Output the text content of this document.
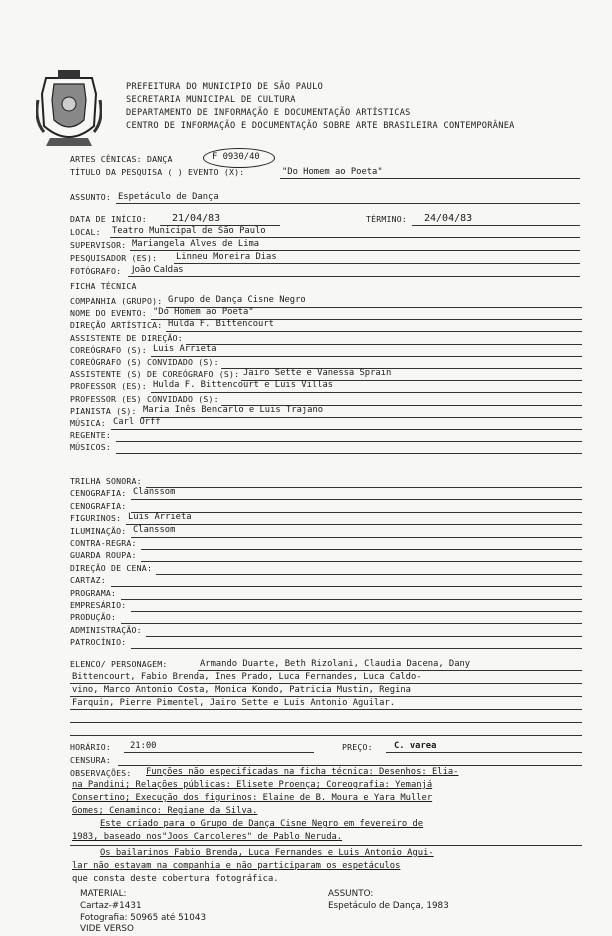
PREFEITURA DO MUNICIPIO DE SÃO PAULO
SECRETARIA MUNICIPAL DE CULTURA
DEPARTAMENTO DE INFORMAÇÃO E DOCUMENTAÇÃO ARTÍSTICAS
CENTRO DE INFORMAÇÃO E DOCUMENTAÇÃO SOBRE ARTE BRASILEIRA CONTEMPORÂNEA
ARTES CÊNICAS: DANÇA	F 0930/40
TÍTULO DA PESQUISA ( ) EVENTO (X):	"Do Homem ao Poeta"
ASSUNTO: Espetáculo de Dança
DATA DE INÍCIO:	21/04/83	TÉRMINO: 24/04/83
LOCAL: Teatro Municipal de São Paulo
SUPERVISOR: Mariangela Alves de Lima
PESQUISADOR (ES): Linneu Moreira Dias
FOTÓGRAFO: João Caldas
FICHA TÉCNICA
COMPANHIA (GRUPO): Grupo de Dança Cisne Negro
NOME DO EVENTO: "Do Homem ao Poeta"
DIREÇÃO ARTÍSTICA: Hulda F. Bittencourt
ASSISTENTE DE DIREÇÃO:
COREÓGRAFO (S): Luis Arrieta
COREÓGRAFO (S) CONVIDADO (S):
ASSISTENTE (S) DE COREÓGRAFO (S): Jairo Sette e Vanessa Sprain
PROFESSOR (ES): Hulda F. Bittencourt e Luis Villas
PROFESSOR (ES) CONVIDADO (S):
PIANISTA (S): Maria Inês Bencarlo e Luis Trajano
MÚSICA: Carl Orff
REGENTE:
MÚSICOS:
TRILHA SONORA:
CENOGRAFIA: Clanssom
CENOGRAFIA:
FIGURINOS: Luis Arrieta
ILUMINAÇÃO: Clanssom
CONTRA-REGRA:
GUARDA ROUPA:
DIREÇÃO DE CENA:
CARTAZ:
PROGRAMA:
EMPRESÁRIO:
PRODUÇÃO:
ADMINISTRAÇÃO:
PATROCÍNIO:
ELENCO/ PERSONAGEM:	Armando Duarte, Beth Rizolani, Claudia Dacena, Dany
Bittencourt, Fabio Brenda, Ines Prado, Luca Fernandes, Luca Caldo-
vino, Marco Antonio Costa, Monica Kondo, Patricia Mustin, Regina
Farquin, Pierre Pimentel, Jairo Sette e Luis Antonio Aguilar.
HORÁRIO: 21:00	PREÇO: C. varea
CENSURA:
OBSERVAÇÕES: Funções não especificadas na ficha técnica: Desenhos: Elia-
na Pandini; Relações públicas: Elisete Proença; Coreografia: Yemanjá
Consertino; Execução dos figurinos: Elaine de B. Moura e Yara Muller
Gomes; Cenaminco: Regiane da Silva.
Este criado para o Grupo de Dança Cisne Negro em fevereiro de
1983, baseado nos"Joos Carcoleres" de Pablo Neruda.
Os bailarinos Fabio Brenda, Luca Fernandes e Luis Antonio Agui-
lar não estavam na companhia e não participaram os espetáculos
que consta deste cobertura fotográfica.
MATERIAL:
Cartaz-#1431
Fotografia: 50965 até 51043
VIDE VERSO
ASSUNTO:
Espetáculo de Dança, 1983
